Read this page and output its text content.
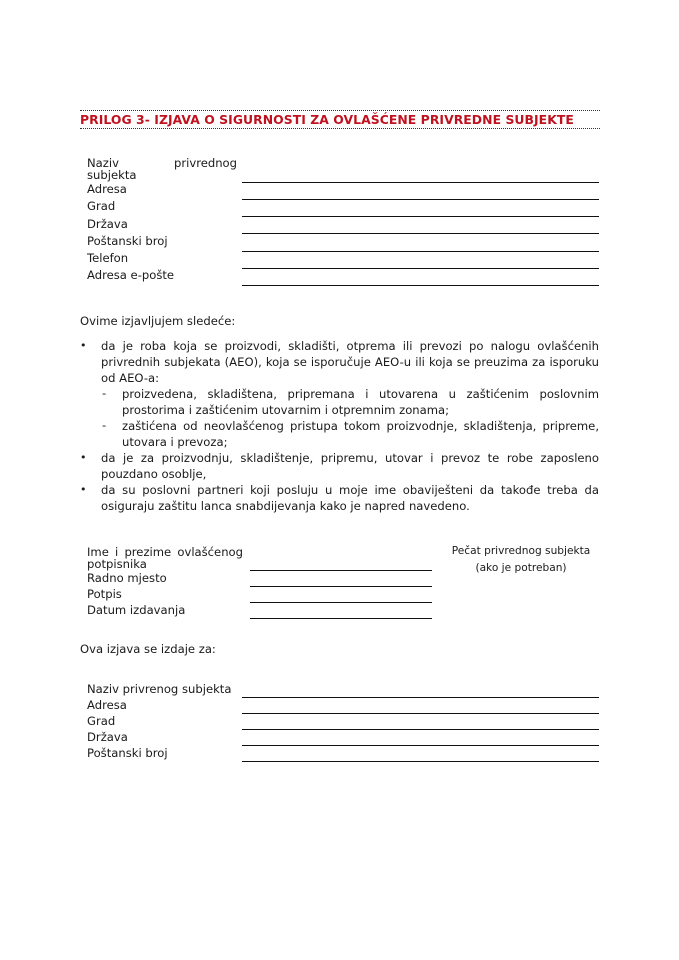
PRILOG 3- IZJAVA O SIGURNOSTI ZA OVLAŠĆENE PRIVREDNE SUBJEKTE
Naziv	privrednog
subjekta
Adresa
Grad
Država
Poštanski broj
Telefon
Adresa e-pošte
Ovime izjavljujem sledeće:
• da je roba koja se proizvodi, skladišti, otprema ili prevozi po nalogu ovlašćenih
privrednih subjekata (AEO), koja se isporučuje AEO-u ili koja se preuzima za isporuku
od AEO-a:
- proizvedena, skladištena, pripremana i utovarena u zaštićenim poslovnim
prostorima i zaštićenim utovarnim i otpremnim zonama;
- zaštićena od neovlašćenog pristupa tokom proizvodnje, skladištenja, pripreme,
utovara i prevoza;
• da je za proizvodnju, skladištenje, pripremu, utovar i prevoz te robe zaposleno
pouzdano osoblje,
• da su poslovni partneri koji posluju u moje ime obaviješteni da takođe treba da
osiguraju zaštitu lanca snabdijevanja kako je napred navedeno.
Ime i prezime ovlašćenog
potpisnika
Radno mjesto
Potpis
Datum izdavanja
Pečat privrednog subjekta
(ako je potreban)
Ova izjava se izdaje za:
Naziv privrenog subjekta
Adresa
Grad
Država
Poštanski broj
